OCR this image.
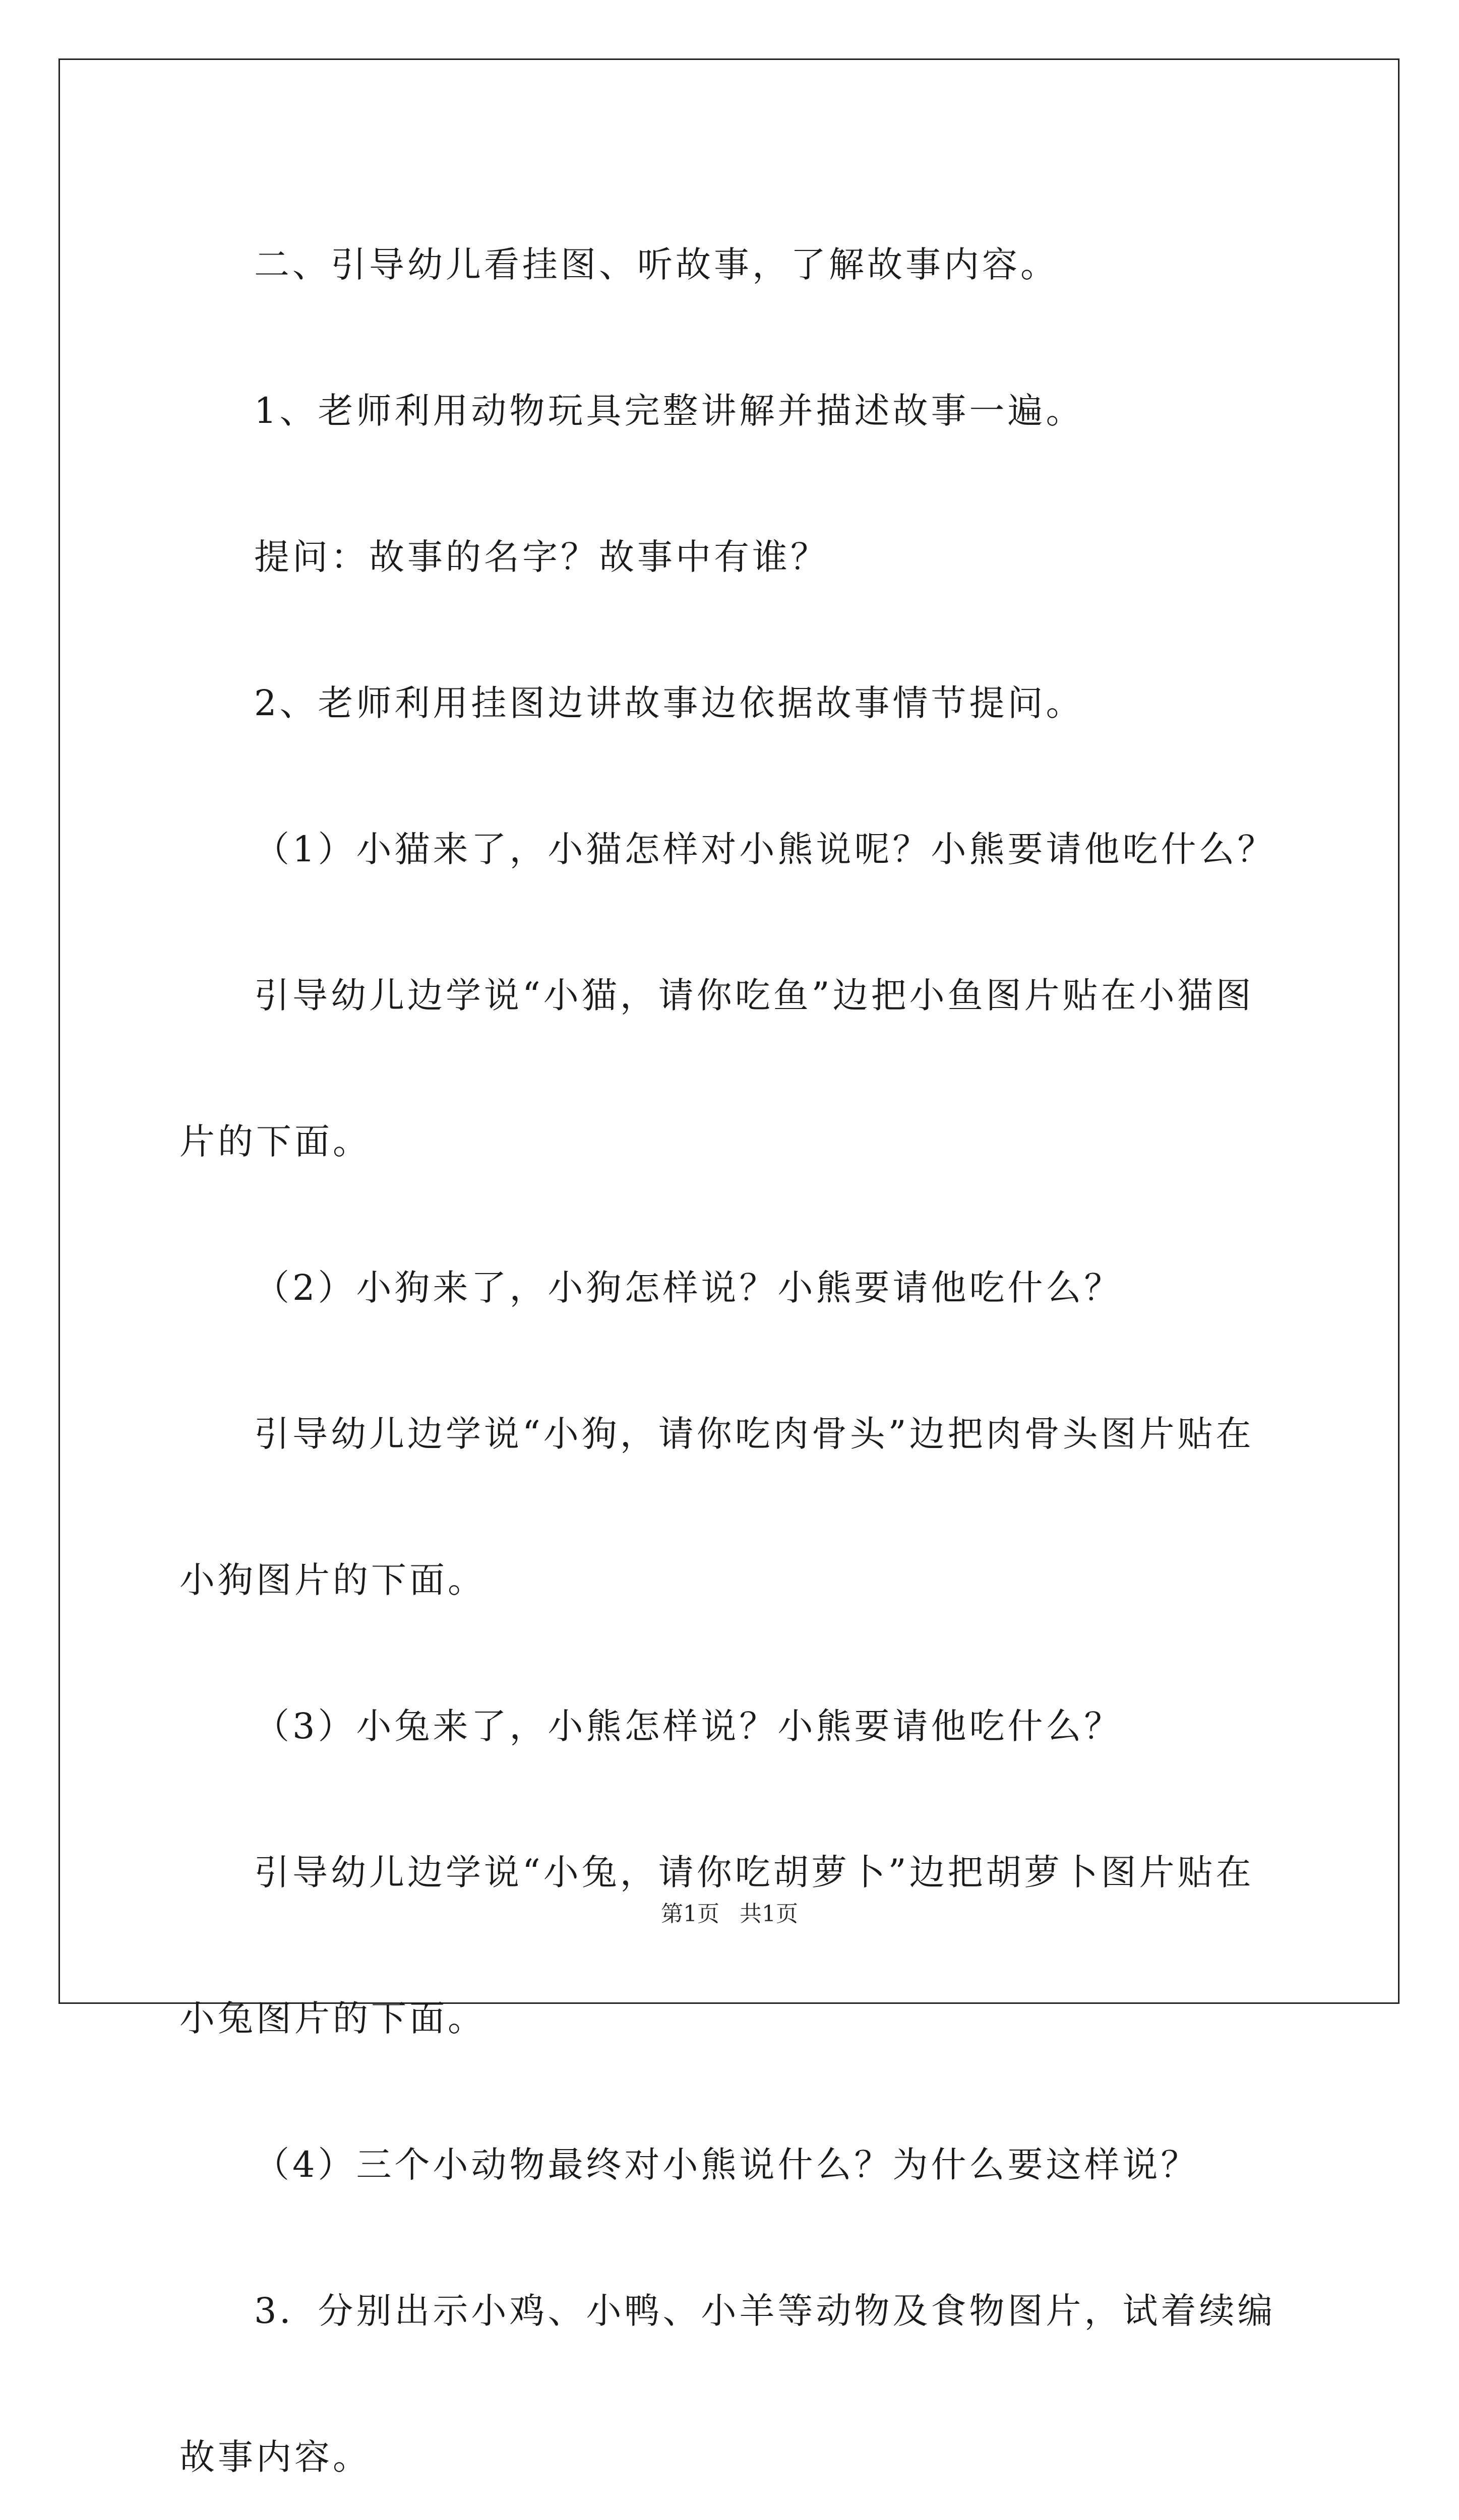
二、引导幼儿看挂图、听故事，了解故事内容。

1、老师利用动物玩具完整讲解并描述故事一遍。

提问：故事的名字？故事中有谁？

2、老师利用挂图边讲故事边依据故事情节提问。

（1）小猫来了，小猫怎样对小熊说呢？小熊要请他吃什么？

引导幼儿边学说“小猫，请你吃鱼”边把小鱼图片贴在小猫图片的下面。

（2）小狗来了，小狗怎样说？小熊要请他吃什么？

引导幼儿边学说“小狗，请你吃肉骨头”边把肉骨头图片贴在小狗图片的下面。

（3）小兔来了，小熊怎样说？小熊要请他吃什么？

引导幼儿边学说“小兔，请你吃胡萝卜”边把胡萝卜图片贴在小兔图片的下面。

（4）三个小动物最终对小熊说什么？为什么要这样说？

3．分别出示小鸡、小鸭、小羊等动物及食物图片，试着续编故事内容。

第1页 共1页
